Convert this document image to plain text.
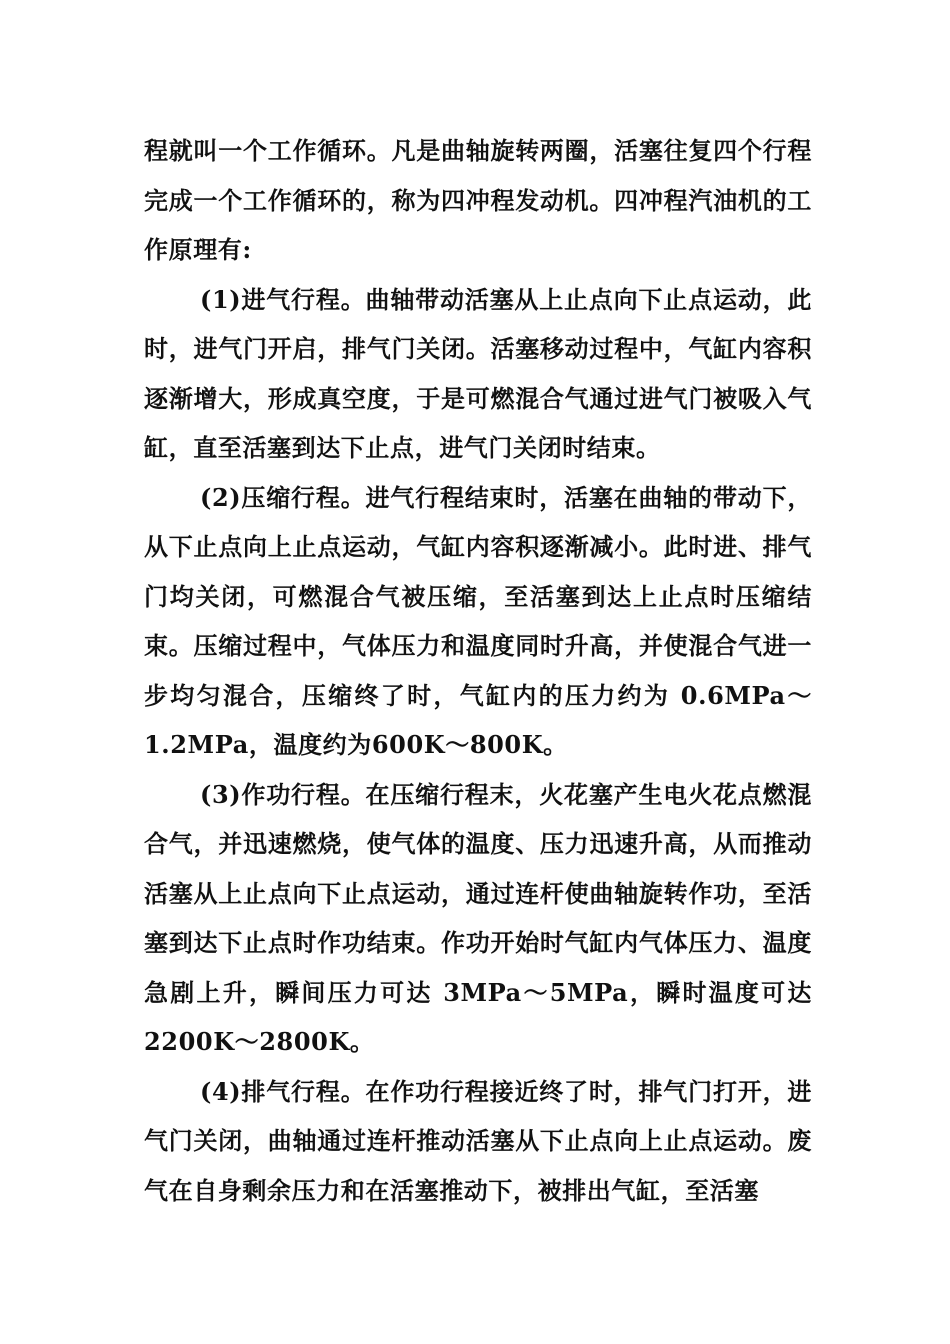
程就叫一个工作循环。凡是曲轴旋转两圈，活塞往复四个行程完成一个工作循环的，称为四冲程发动机。四冲程汽油机的工作原理有:

(1)进气行程。曲轴带动活塞从上止点向下止点运动，此时，进气门开启，排气门关闭。活塞移动过程中，气缸内容积逐渐增大，形成真空度，于是可燃混合气通过进气门被吸入气缸，直至活塞到达下止点，进气门关闭时结束。

(2)压缩行程。进气行程结束时，活塞在曲轴的带动下，从下止点向上止点运动，气缸内容积逐渐减小。此时进、排气门均关闭，可燃混合气被压缩，至活塞到达上止点时压缩结束。压缩过程中，气体压力和温度同时升高，并使混合气进一步均匀混合，压缩终了时，气缸内的压力约为 0.6MPa～1.2MPa，温度约为600K～800K。

(3)作功行程。在压缩行程末，火花塞产生电火花点燃混合气，并迅速燃烧，使气体的温度、压力迅速升高，从而推动活塞从上止点向下止点运动，通过连杆使曲轴旋转作功，至活塞到达下止点时作功结束。作功开始时气缸内气体压力、温度急剧上升，瞬间压力可达 3MPa～5MPa，瞬时温度可达2200K～2800K。

(4)排气行程。在作功行程接近终了时，排气门打开，进气门关闭，曲轴通过连杆推动活塞从下止点向上止点运动。废气在自身剩余压力和在活塞推动下，被排出气缸，至活塞
